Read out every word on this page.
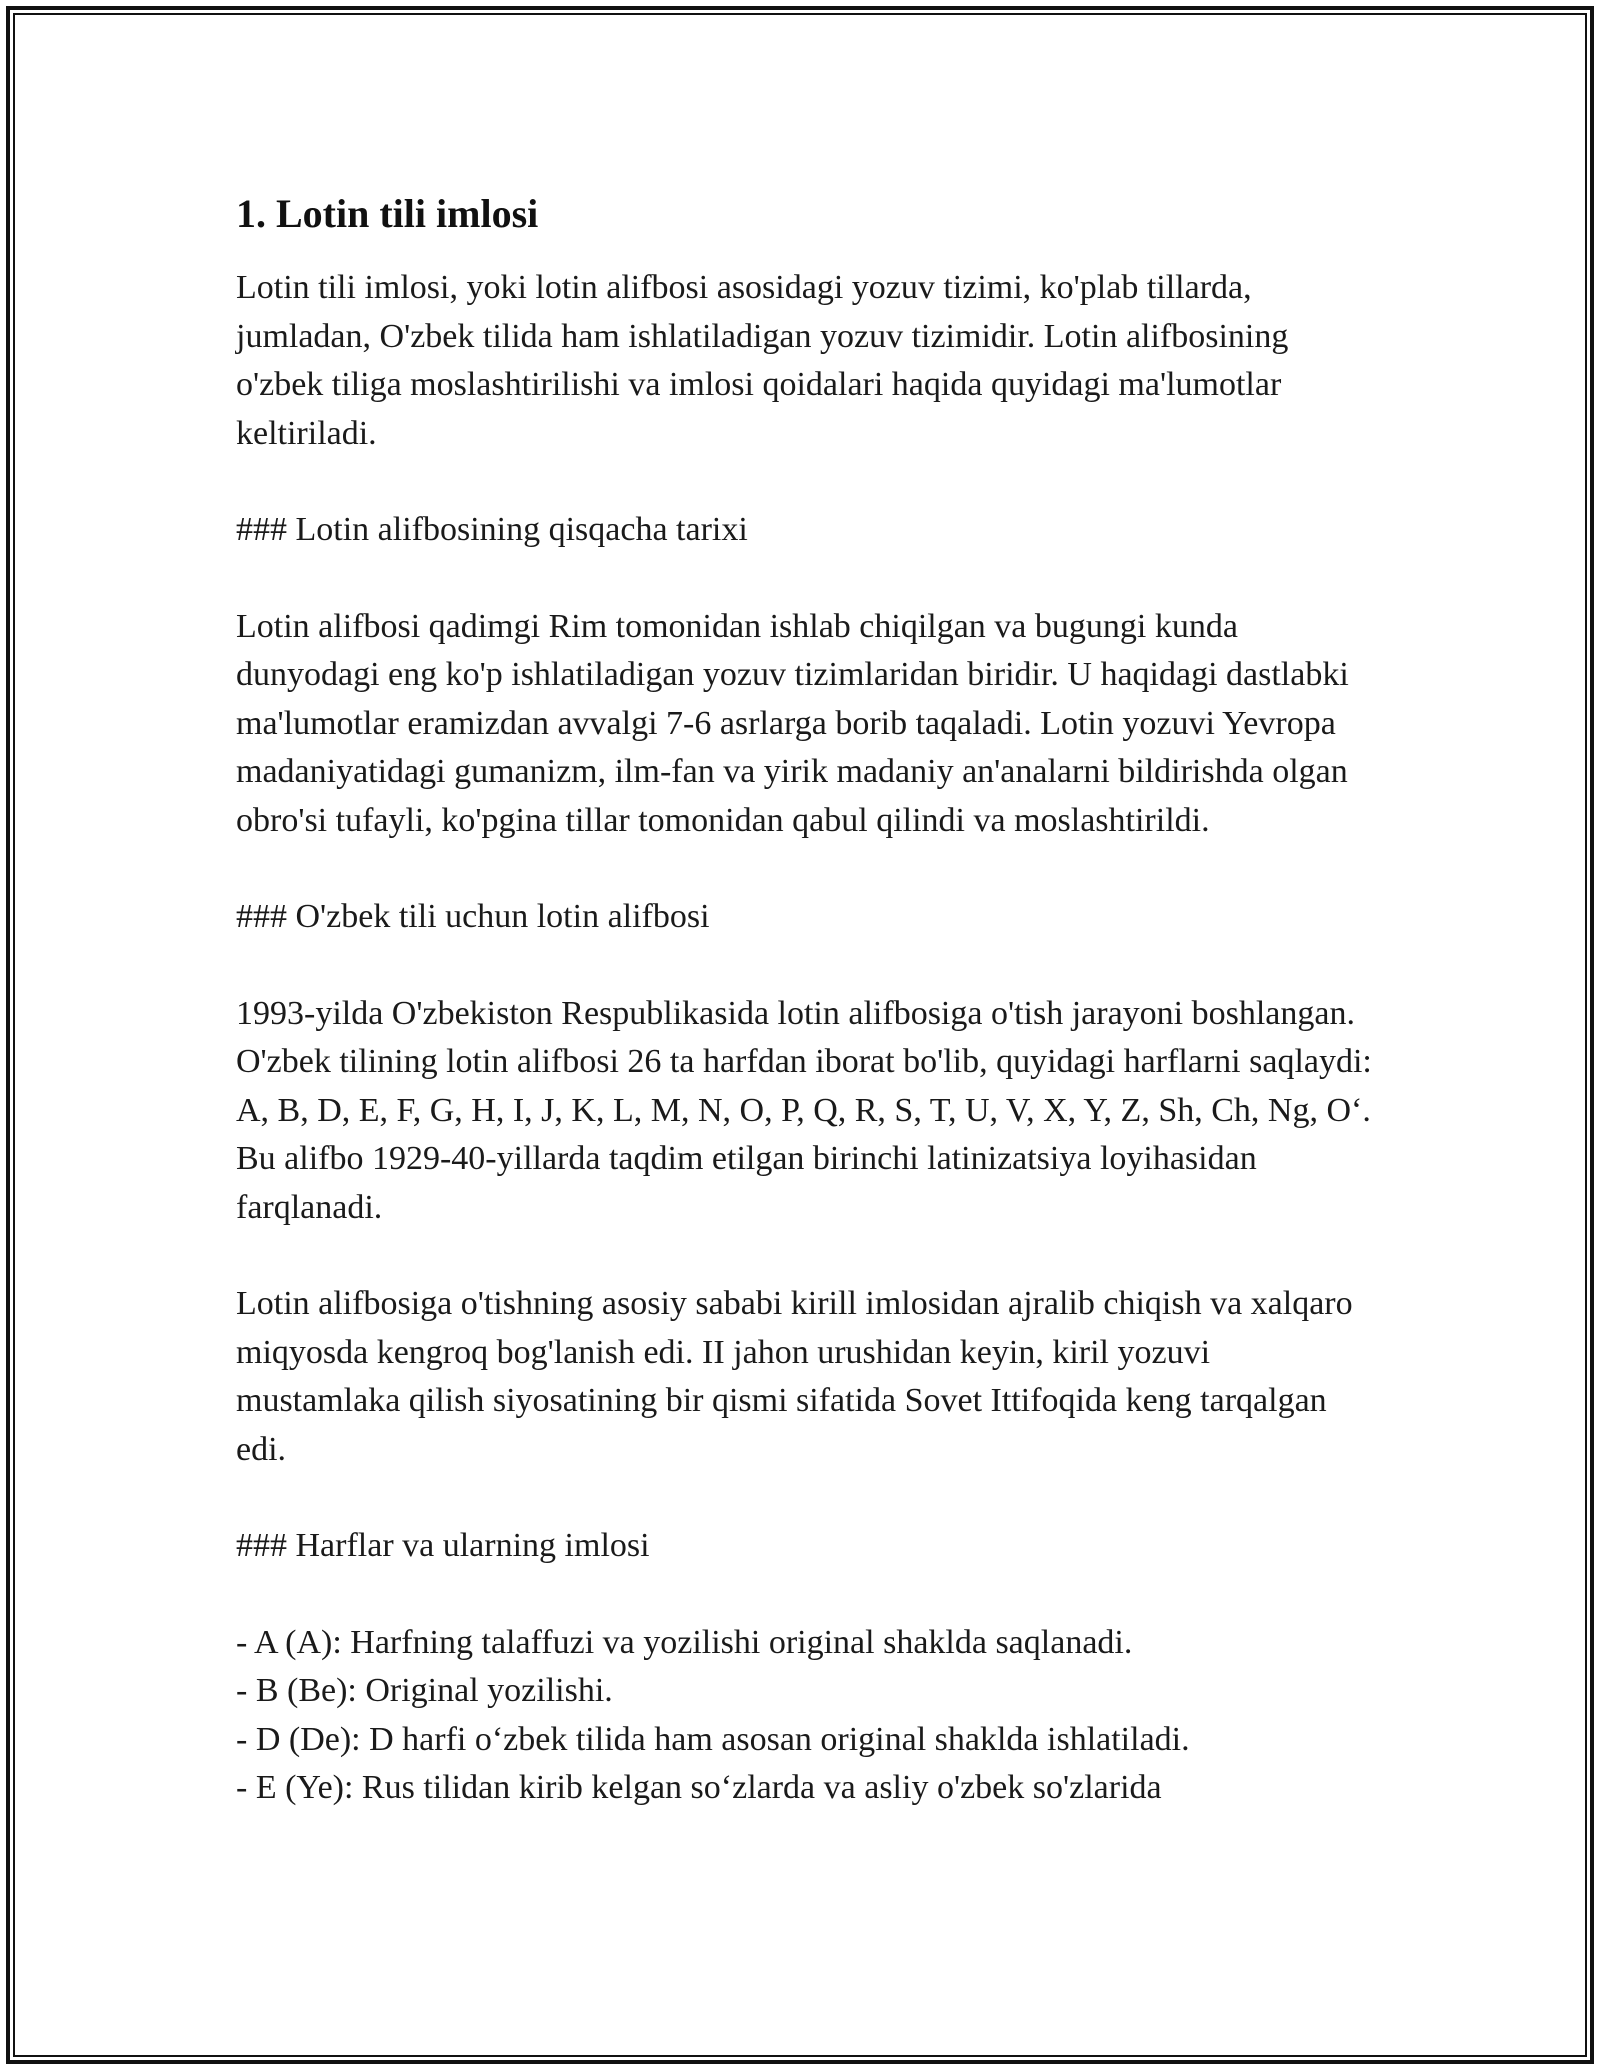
1. Lotin tili imlosi

Lotin tili imlosi, yoki lotin alifbosi asosidagi yozuv tizimi, ko'plab tillarda, jumladan, O'zbek tilida ham ishlatiladigan yozuv tizimidir. Lotin alifbosining o'zbek tiliga moslashtirilishi va imlosi qoidalari haqida quyidagi ma'lumotlar keltiriladi.

### Lotin alifbosining qisqacha tarixi

Lotin alifbosi qadimgi Rim tomonidan ishlab chiqilgan va bugungi kunda dunyodagi eng ko'p ishlatiladigan yozuv tizimlaridan biridir. U haqidagi dastlabki ma'lumotlar eramizdan avvalgi 7-6 asrlarga borib taqaladi. Lotin yozuvi Yevropa madaniyatidagi gumanizm, ilm-fan va yirik madaniy an'analarni bildirishda olgan obro'si tufayli, ko'pgina tillar tomonidan qabul qilindi va moslashtirildi.

### O'zbek tili uchun lotin alifbosi

1993-yilda O'zbekiston Respublikasida lotin alifbosiga o'tish jarayoni boshlangan. O'zbek tilining lotin alifbosi 26 ta harfdan iborat bo'lib, quyidagi harflarni saqlaydi: A, B, D, E, F, G, H, I, J, K, L, M, N, O, P, Q, R, S, T, U, V, X, Y, Z, Sh, Ch, Ng, O‘. Bu alifbo 1929-40-yillarda taqdim etilgan birinchi latinizatsiya loyihasidan farqlanadi.

Lotin alifbosiga o'tishning asosiy sababi kirill imlosidan ajralib chiqish va xalqaro miqyosda kengroq bog'lanish edi. II jahon urushidan keyin, kiril yozuvi mustamlaka qilish siyosatining bir qismi sifatida Sovet Ittifoqida keng tarqalgan edi.

### Harflar va ularning imlosi

- A (A): Harfning talaffuzi va yozilishi original shaklda saqlanadi.

- B (Be): Original yozilishi.

- D (De): D harfi o‘zbek tilida ham asosan original shaklda ishlatiladi.

- E (Ye): Rus tilidan kirib kelgan so‘zlarda va asliy o'zbek so'zlarida
